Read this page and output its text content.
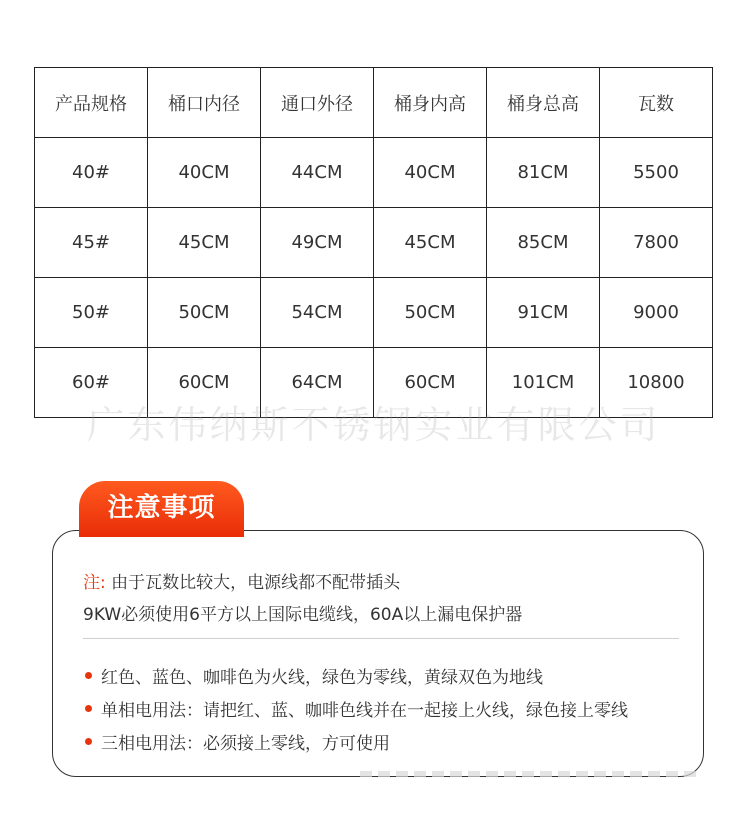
产品规格	桶口内径	通口外径	桶身内高	桶身总高	瓦数
40#	40CM	44CM	40CM	81CM	5500
45#	45CM	49CM	45CM	85CM	7800
50#	50CM	54CM	50CM	91CM	9000
60#	60CM	64CM	60CM	101CM	10800
广东伟纳斯不锈钢实业有限公司
注: 由于瓦数比较大，电源线都不配带插头
9KW必须使用6平方以上国际电缆线，60A以上漏电保护器
红色、蓝色、咖啡色为火线，绿色为零线，黄绿双色为地线
单相电用法：请把红、蓝、咖啡色线并在一起接上火线，绿色接上零线
三相电用法：必须接上零线，方可使用
注意事项
